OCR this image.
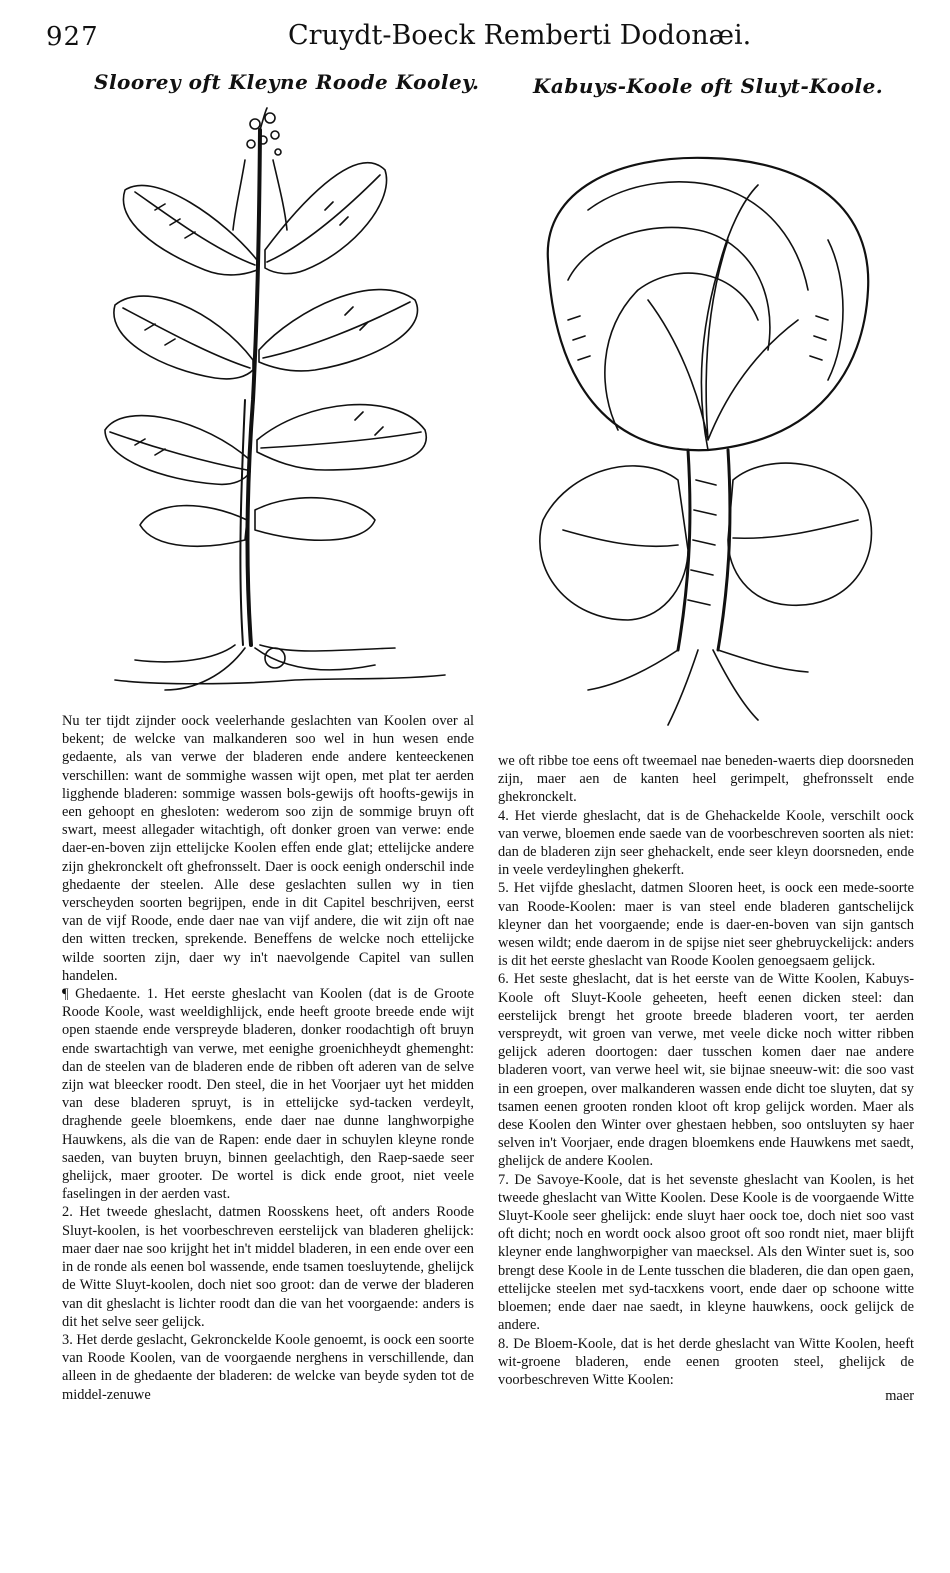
927	Cruydt-Boeck Remberti Dodonæi.
Sloorey oft Kleyne Roode Kooley.	Kabuys-Koole oft Sluyt-Koole.

Nu ter tijdt zijnder oock veelerhande geslachten van Koolen over al bekent; de welcke van malkanderen soo wel in hun wesen ende gedaente, als van verwe der bladeren ende andere kenteeckenen verschillen: want de sommighe wassen wijt open, met plat ter aerden ligghende bladeren: sommige wassen bols-gewijs oft hoofts-gewijs in een gehoopt en ghesloten: wederom soo zijn de sommige bruyn oft swart, meest allegader witachtigh, oft donker groen van verwe: ende daer-en-boven zijn ettelijcke Koolen effen ende glat; ettelijcke andere zijn ghekronckelt oft ghefronsselt. Daer is oock eenigh onderschil inde ghedaente der steelen. Alle dese geslachten sullen wy in tien verscheyden soorten begrijpen, ende in dit Capitel beschrijven, eerst van de vijf Roode, ende daer nae van vijf andere, die wit zijn oft nae den witten trecken, sprekende. Beneffens de welcke noch ettelijcke wilde soorten zijn, daer wy in't naevolgende Capitel van sullen handelen.

¶ Ghedaente. 1. Het eerste gheslacht van Koolen (dat is de Groote Roode Koole, wast weeldighlijck, ende heeft groote breede ende wijt open staende ende verspreyde bladeren, donker roodachtigh oft bruyn ende swartachtigh van verwe, met eenighe groenichheydt ghemenght: dan de steelen van de bladeren ende de ribben oft aderen van de selve zijn wat bleecker roodt. Den steel, die in het Voorjaer uyt het midden van dese bladeren spruyt, is in ettelijcke syd-tacken verdeylt, draghende geele bloemkens, ende daer nae dunne langhworpighe Hauwkens, als die van de Rapen: ende daer in schuylen kleyne ronde saeden, van buyten bruyn, binnen geelachtigh, den Raep-saede seer ghelijck, maer grooter. De wortel is dick ende groot, niet veele faselingen in der aerden vast.

2. Het tweede gheslacht, datmen Roosskens heet, oft anders Roode Sluyt-koolen, is het voorbeschreven eerstelijck van bladeren ghelijck: maer daer nae soo krijght het in't middel bladeren, in een ende over een in de ronde als eenen bol wassende, ende tsamen toesluytende, ghelijck de Witte Sluyt-koolen, doch niet soo groot: dan de verwe der bladeren van dit gheslacht is lichter roodt dan die van het voorgaende: anders is dit het selve seer gelijck.

3. Het derde geslacht, Gekronckelde Koole genoemt, is oock een soorte van Roode Koolen, van de voorgaende nerghens in verschillende, dan alleen in de ghedaente der bladeren: de welcke van beyde syden tot de middel-zenuwe

we oft ribbe toe eens oft tweemael nae beneden-waerts diep doorsneden zijn, maer aen de kanten heel gerimpelt, ghefronsselt ende ghekronckelt.

4. Het vierde gheslacht, dat is de Ghehackelde Koole, verschilt oock van verwe, bloemen ende saede van de voorbeschreven soorten als niet: dan de bladeren zijn seer ghehackelt, ende seer kleyn doorsneden, ende in veele verdeylinghen ghekerft.

5. Het vijfde gheslacht, datmen Slooren heet, is oock een mede-soorte van Roode-Koolen: maer is van steel ende bladeren gantschelijck kleyner dan het voorgaende; ende is daer-en-boven van sijn gantsch wesen wildt; ende daerom in de spijse niet seer ghebruyckelijck: anders is dit het eerste gheslacht van Roode Koolen genoegsaem gelijck.

6. Het seste gheslacht, dat is het eerste van de Witte Koolen, Kabuys-Koole oft Sluyt-Koole geheeten, heeft eenen dicken steel: dan eerstelijck brengt het groote breede bladeren voort, ter aerden verspreydt, wit groen van verwe, met veele dicke noch witter ribben gelijck aderen doortogen: daer tusschen komen daer nae andere bladeren voort, van verwe heel wit, sie bijnae sneeuw-wit: die soo vast in een groepen, over malkanderen wassen ende dicht toe sluyten, dat sy tsamen eenen grooten ronden kloot oft krop gelijck worden. Maer als dese Koolen den Winter over ghestaen hebben, soo ontsluyten sy haer selven in't Voorjaer, ende dragen bloemkens ende Hauwkens met saedt, ghelijck de andere Koolen.

7. De Savoye-Koole, dat is het sevenste gheslacht van Koolen, is het tweede gheslacht van Witte Koolen. Dese Koole is de voorgaende Witte Sluyt-Koole seer ghelijck: ende sluyt haer oock toe, doch niet soo vast oft dicht; noch en wordt oock alsoo groot oft soo rondt niet, maer blijft kleyner ende langhworpigher van maecksel. Als den Winter suet is, soo brengt dese Koole in de Lente tusschen die bladeren, die dan open gaen, ettelijcke steelen met syd-tacxkens voort, ende daer op schoone witte bloemen; ende daer nae saedt, in kleyne hauwkens, oock gelijck de andere.

8. De Bloem-Koole, dat is het derde gheslacht van Witte Koolen, heeft wit-groene bladeren, ende eenen grooten steel, ghelijck de voorbeschreven Witte Koolen:

maer
